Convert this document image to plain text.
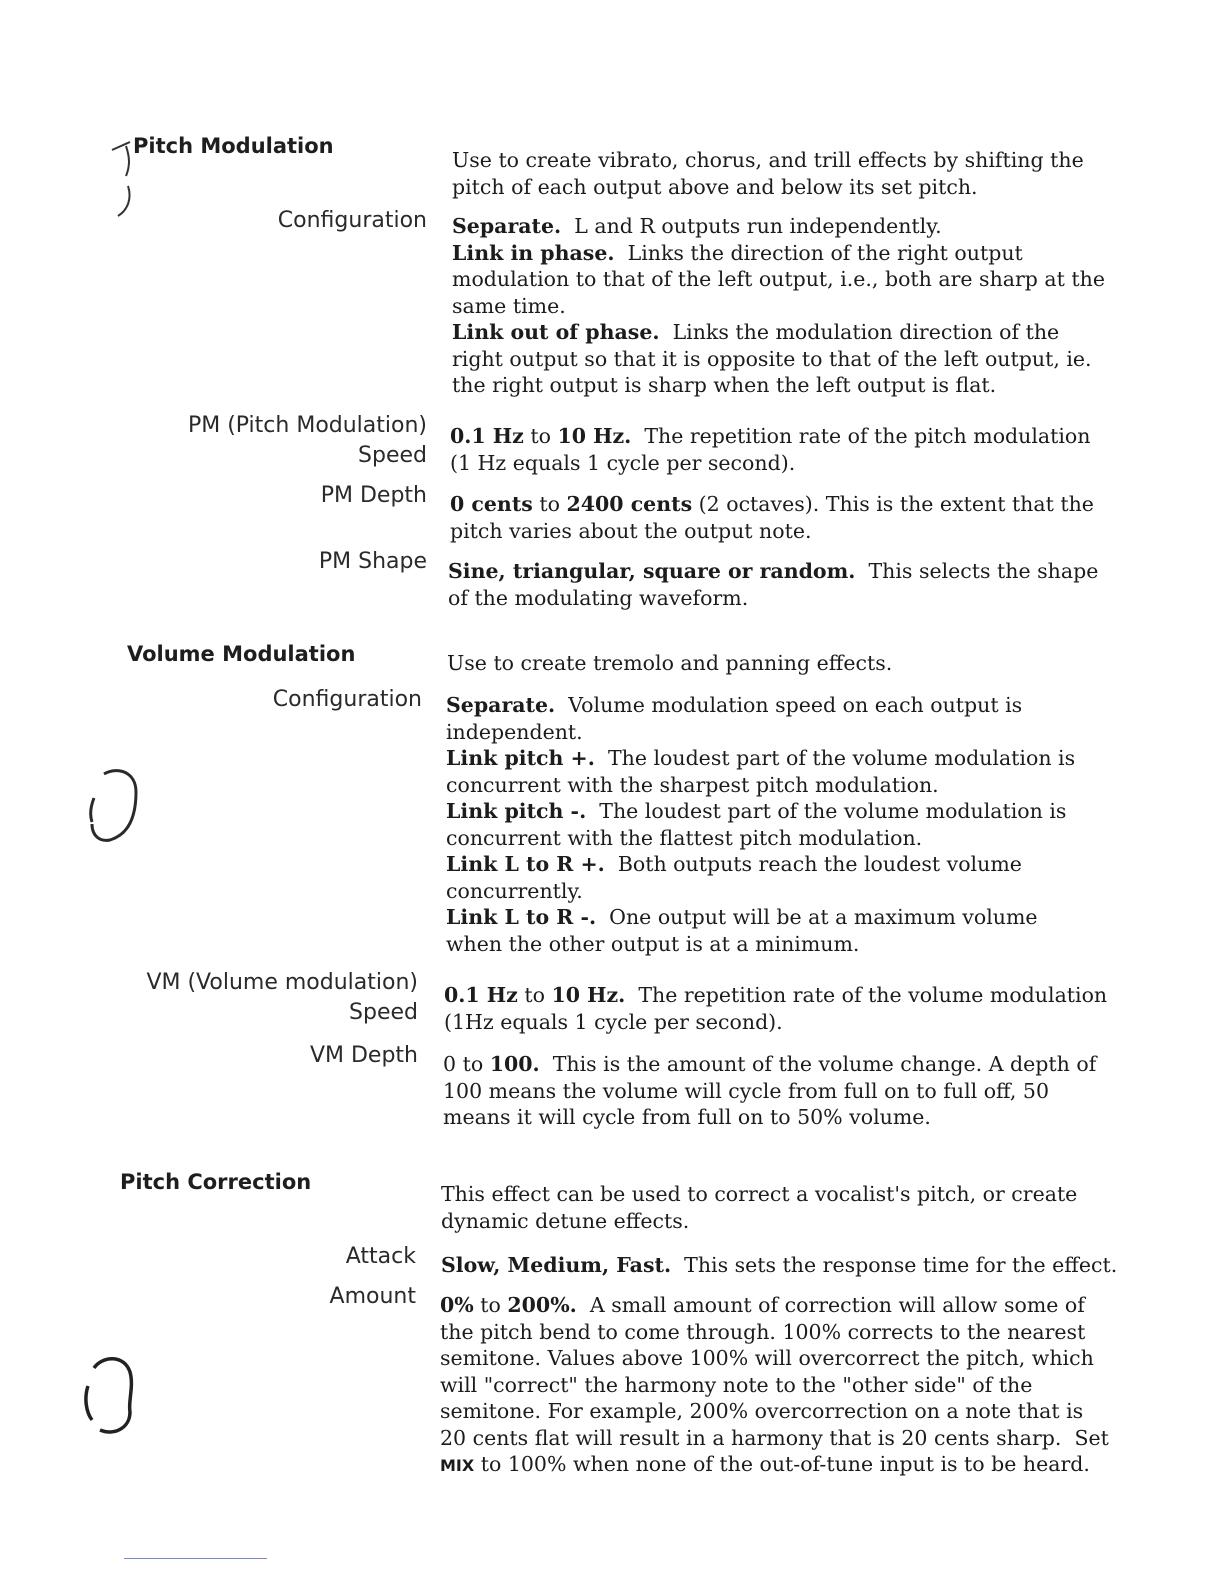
Pitch Modulation

Use to create vibrato, chorus, and trill effects by shifting the pitch of each output above and below its set pitch.

Configuration Separate. L and R outputs run independently.

Link in phase. Links the direction of the right output modulation to that of the left output, i.e., both are sharp at the same time.

Link out of phase. Links the modulation direction of the right output so that it is opposite to that of the left output, ie. the right output is sharp when the left output is flat.

PM (Pitch Modulation)
Speed

0.1 Hz to 10 Hz. The repetition rate of the pitch modulation (1 Hz equals 1 cycle per second).

PM Depth 0 cents to 2400 cents (2 octaves). This is the extent that the pitch varies about the output note.

PM Shape Sine, triangular, square or random. This selects the shape of the modulating waveform.

Volume Modulation	Use to create tremolo and panning effects.

Configuration Separate. Volume modulation speed on each output is independent.

Link pitch +. The loudest part of the volume modulation is concurrent with the sharpest pitch modulation.

Link pitch -. The loudest part of the volume modulation is concurrent with the flattest pitch modulation.

Link L to R +. Both outputs reach the loudest volume concurrently.

Link L to R -. One output will be at a maximum volume when the other output is at a minimum.

VM (Volume modulation)
Speed

0.1 Hz to 10 Hz. The repetition rate of the volume modulation (1Hz equals 1 cycle per second).

VM Depth 0 to 100. This is the amount of the volume change. A depth of 100 means the volume will cycle from full on to full off, 50 means it will cycle from full on to 50% volume.

Pitch Correction	This effect can be used to correct a vocalist's pitch, or create dynamic detune effects.

Attack Slow, Medium, Fast. This sets the response time for the effect.

Amount 0% to 200%. A small amount of correction will allow some of the pitch bend to come through. 100% corrects to the nearest semitone. Values above 100% will overcorrect the pitch, which will "correct" the harmony note to the "other side" of the semitone. For example, 200% overcorrection on a note that is 20 cents flat will result in a harmony that is 20 cents sharp. Set MIX to 100% when none of the out-of-tune input is to be heard.
